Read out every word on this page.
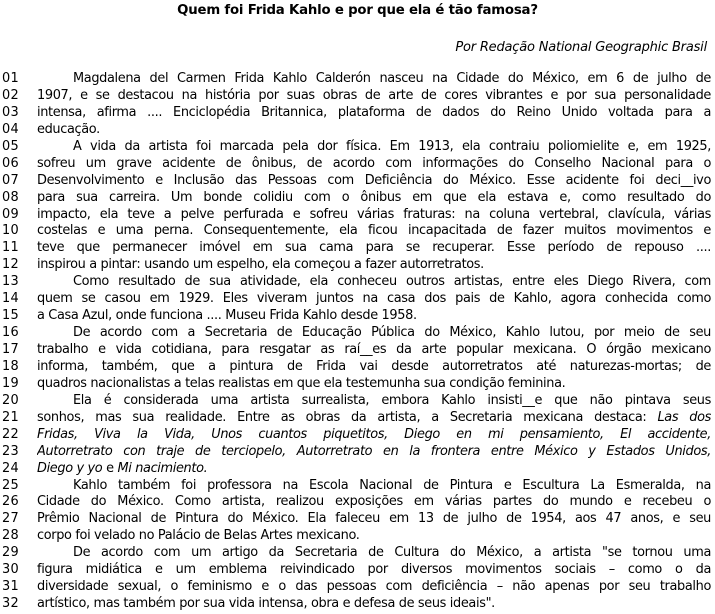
Quem foi Frida Kahlo e por que ela é tão famosa?
Por Redação National Geographic Brasil
01	Magdalena del Carmen Frida Kahlo Calderón nasceu na Cidade do México, em 6 de julho de
02	1907, e se destacou na história por suas obras de arte de cores vibrantes e por sua personalidade
03	intensa, afirma .... Enciclopédia Britannica, plataforma de dados do Reino Unido voltada para a
04	educação.
05	A vida da artista foi marcada pela dor física. Em 1913, ela contraiu poliomielite e, em 1925,
06	sofreu um grave acidente de ônibus, de acordo com informações do Conselho Nacional para o
07	Desenvolvimento e Inclusão das Pessoas com Deficiência do México. Esse acidente foi deci__ivo
08	para sua carreira. Um bonde colidiu com o ônibus em que ela estava e, como resultado do
09	impacto, ela teve a pelve perfurada e sofreu várias fraturas: na coluna vertebral, clavícula, várias
10	costelas e uma perna. Consequentemente, ela ficou incapacitada de fazer muitos movimentos e
11	teve que permanecer imóvel em sua cama para se recuperar. Esse período de repouso ....
12	inspirou a pintar: usando um espelho, ela começou a fazer autorretratos.
13	Como resultado de sua atividade, ela conheceu outros artistas, entre eles Diego Rivera, com
14	quem se casou em 1929. Eles viveram juntos na casa dos pais de Kahlo, agora conhecida como
15	a Casa Azul, onde funciona .... Museu Frida Kahlo desde 1958.
16	De acordo com a Secretaria de Educação Pública do México, Kahlo lutou, por meio de seu
17	trabalho e vida cotidiana, para resgatar as raí__es da arte popular mexicana. O órgão mexicano
18	informa, também, que a pintura de Frida vai desde autorretratos até naturezas-mortas; de
19	quadros nacionalistas a telas realistas em que ela testemunha sua condição feminina.
20	Ela é considerada uma artista surrealista, embora Kahlo insisti__e que não pintava seus
21	sonhos, mas sua realidade. Entre as obras da artista, a Secretaria mexicana destaca: Las dos
22	Fridas, Viva la Vida, Unos cuantos piquetitos, Diego en mi pensamiento, El accidente,
23	Autorretrato con traje de terciopelo, Autorretrato en la frontera entre México y Estados Unidos,
24	Diego y yo e Mi nacimiento.
25	Kahlo também foi professora na Escola Nacional de Pintura e Escultura La Esmeralda, na
26	Cidade do México. Como artista, realizou exposições em várias partes do mundo e recebeu o
27	Prêmio Nacional de Pintura do México. Ela faleceu em 13 de julho de 1954, aos 47 anos, e seu
28	corpo foi velado no Palácio de Belas Artes mexicano.
29	De acordo com um artigo da Secretaria de Cultura do México, a artista "se tornou uma
30	figura midiática e um emblema reivindicado por diversos movimentos sociais – como o da
31	diversidade sexual, o feminismo e o das pessoas com deficiência – não apenas por seu trabalho
32	artístico, mas também por sua vida intensa, obra e defesa de seus ideais".
